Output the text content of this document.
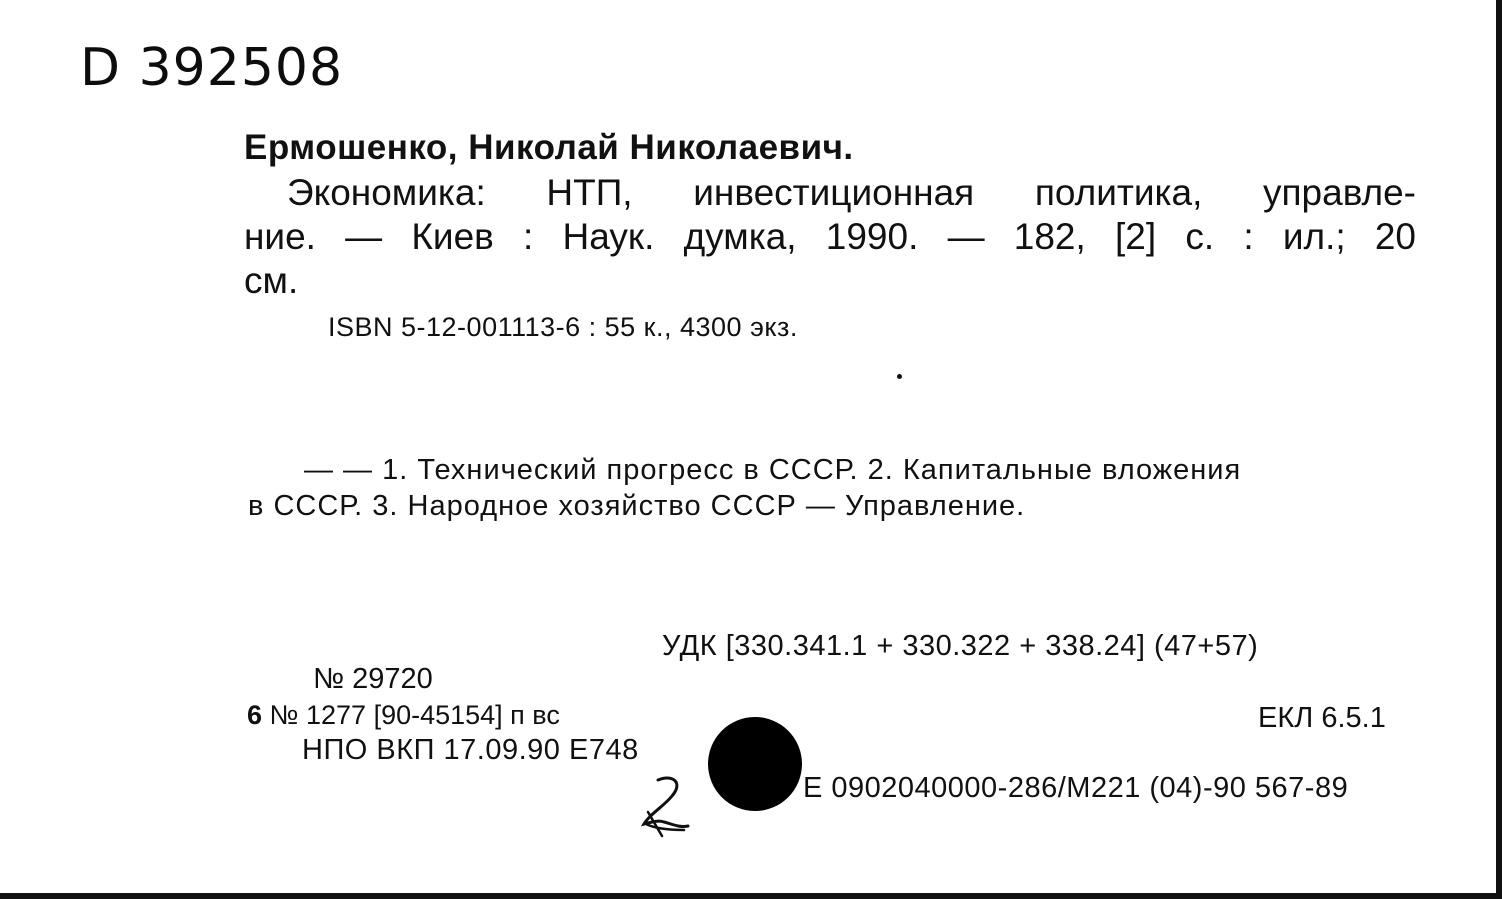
D 392508
Ермошенко, Николай Николаевич.
Экономика: НТП, инвестиционная политика, управле-
ние. — Киев : Наук. думка, 1990. — 182, [2] с. : ил.; 20
см.
ISBN 5-12-001113-6 : 55 к., 4300 экз.
— — 1. Технический прогресс в СССР. 2. Капитальные вложения
в СССР. 3. Народное хозяйство СССР — Управление.
УДК [330.341.1 + 330.322 + 338.24] (47+57)
№ 29720
6 № 1277 [90-45154] п вс	ЕКЛ 6.5.1
НПО ВКП 17.09.90 Е748
Е 0902040000-286/М221 (04)-90 567-89
